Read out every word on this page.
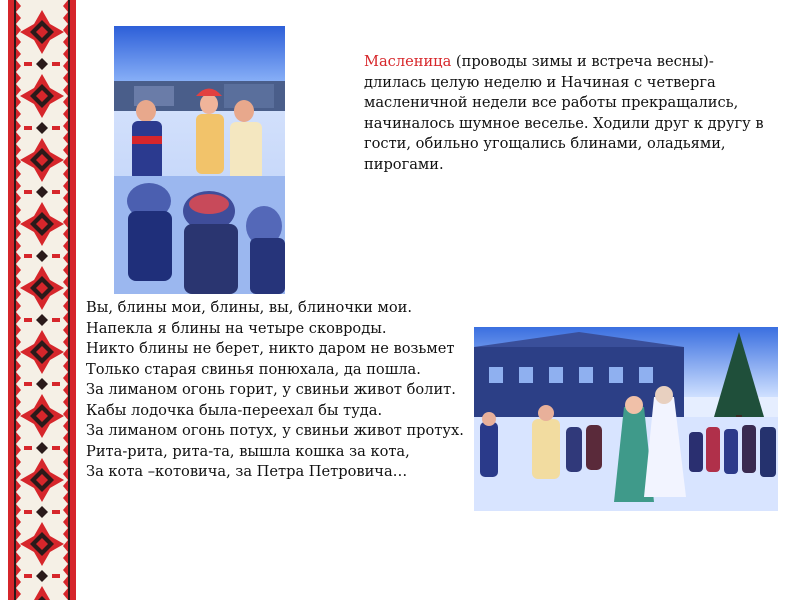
Масленица (проводы зимы и встреча весны)- длилась целую неделю и Начиная с четверга масленичной недели все работы прекращались, начиналось шумное веселье. Ходили друг к другу в гости, обильно угощались блинами, оладьями, пирогами.
Вы, блины мои, блины, вы, блиночки мои.
Напекла я блины на четыре сковроды.
Никто блины не берет, никто даром не возьмет
Только старая свинья понюхала, да пошла.
За лиманом огонь горит, у свиньи живот болит.
Кабы лодочка была-переехал бы туда.
За лиманом огонь потух, у свиньи живот протух.
Рита-рита, рита-та, вышла кошка за кота,
За кота –котовича, за Петра Петровича…
